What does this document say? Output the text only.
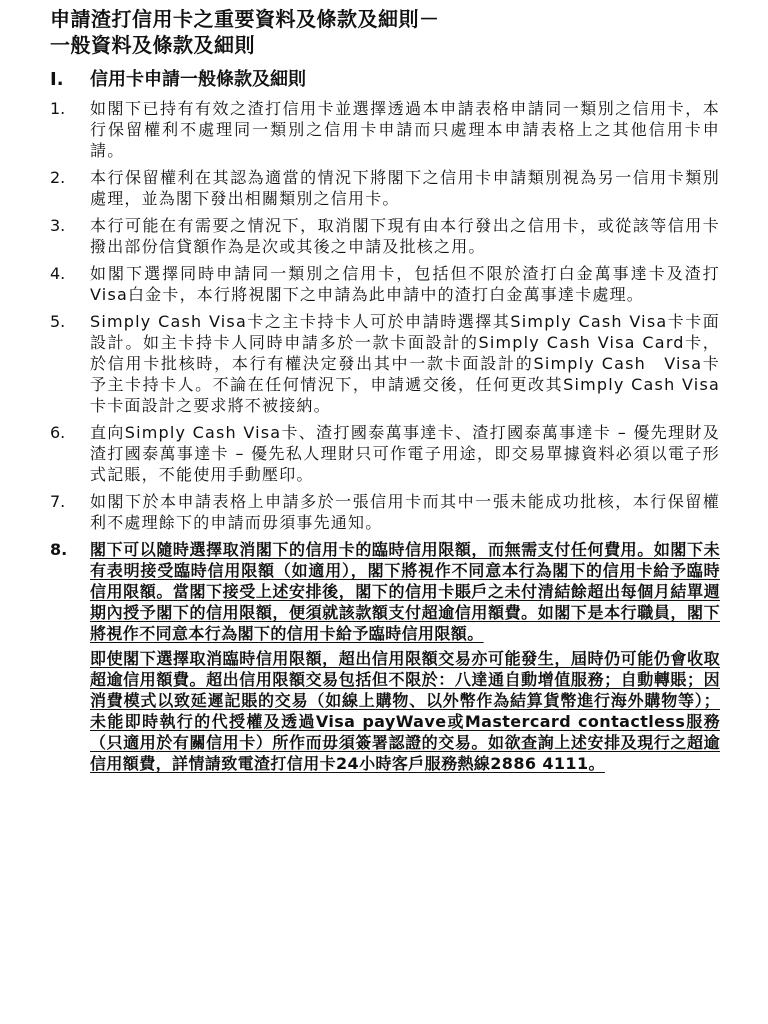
申請渣打信用卡之重要資料及條款及細則－
一般資料及條款及細則
I.	信用卡申請一般條款及細則
1.	如閣下已持有有效之渣打信用卡並選擇透過本申請表格申請同一類別之信用卡，本行保留權利不處理同一類別之信用卡申請而只處理本申請表格上之其他信用卡申請。
2.	本行保留權利在其認為適當的情況下將閣下之信用卡申請類別視為另一信用卡類別處理，並為閣下發出相關類別之信用卡。
3.	本行可能在有需要之情況下，取消閣下現有由本行發出之信用卡，或從該等信用卡撥出部份信貸額作為是次或其後之申請及批核之用。
4.	如閣下選擇同時申請同一類別之信用卡，包括但不限於渣打白金萬事達卡及渣打Visa白金卡，本行將視閣下之申請為此申請中的渣打白金萬事達卡處理。
5.	Simply Cash Visa卡之主卡持卡人可於申請時選擇其Simply Cash Visa卡卡面設計。如主卡持卡人同時申請多於一款卡面設計的Simply Cash Visa Card卡，於信用卡批核時，本行有權決定發出其中一款卡面設計的Simply Cash　Visa卡予主卡持卡人。不論在任何情況下，申請遞交後，任何更改其Simply Cash Visa卡卡面設計之要求將不被接納。
6.	直向Simply Cash Visa卡、渣打國泰萬事達卡、渣打國泰萬事達卡 – 優先理財及渣打國泰萬事達卡 – 優先私人理財只可作電子用途，即交易單據資料必須以電子形式記賬，不能使用手動壓印。
7.	如閣下於本申請表格上申請多於一張信用卡而其中一張未能成功批核，本行保留權利不處理餘下的申請而毋須事先通知。
8.	閣下可以隨時選擇取消閣下的信用卡的臨時信用限額，而無需支付任何費用。如閣下未有表明接受臨時信用限額（如適用），閣下將視作不同意本行為閣下的信用卡給予臨時信用限額。當閣下接受上述安排後，閣下的信用卡賬戶之未付清結餘超出每個月結單週期內授予閣下的信用限額，便須就該款額支付超逾信用額費。如閣下是本行職員，閣下將視作不同意本行為閣下的信用卡給予臨時信用限額。
即使閣下選擇取消臨時信用限額，超出信用限額交易亦可能發生，屆時仍可能仍會收取超逾信用額費。超出信用限額交易包括但不限於：八達通自動增值服務；自動轉賬；因消費模式以致延遲記賬的交易（如線上購物、以外幣作為結算貨幣進行海外購物等）；未能即時執行的代授權及透過Visa payWave或Mastercard contactless服務（只適用於有關信用卡）所作而毋須簽署認證的交易。如欲查詢上述安排及現行之超逾信用額費，詳情請致電渣打信用卡24小時客戶服務熱線2886 4111。
